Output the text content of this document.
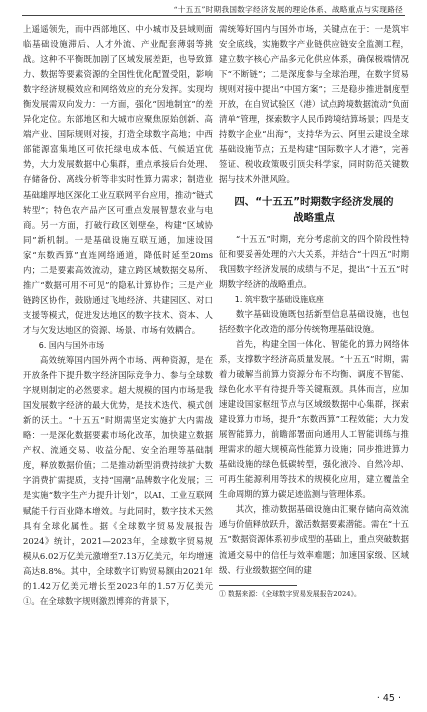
“十五五”时期我国数字经济发展的理论体系、战略重点与实现路径

上遥遥领先，而中西部地区、中小城市及县域则面临基础设施滞后、人才外流、产业配套薄弱等挑战。这种不平衡既加剧了区域发展差距，也导致算力、数据等要素资源的全国性优化配置受阻，影响数字经济规模效应和网络效应的充分发挥。实现均衡发展需双向发力：一方面，强化“因地制宜”的差异化定位。东部地区和大城市应聚焦原始创新、高端产业、国际规则对接，打造全球数字高地；中西部能源富集地区可依托绿电成本低、气候适宜优势，大力发展数据中心集群，重点承接后台处理、存储备份、离线分析等非实时性算力需求；制造业基础雄厚地区深化工业互联网平台应用，推动“链式转型”；特色农产品产区可重点发展智慧农业与电商。另一方面，打破行政区划壁垒，构建“区域协同”新机制。一是基础设施互联互通，加速设国家“东数西算”直连网络通道，降低时延至20ms内；二是要素高效流动，建立跨区域数据交易所、推广“数据可用不可见”的隐私计算协作；三是产业链跨区协作，鼓励通过飞地经济、共建园区、对口支援等模式，促进发达地区的数字技术、资本、人才与欠发达地区的资源、场景、市场有效耦合。

6. 国内与国外市场

高效统筹国内国外两个市场、两种资源，是在开放条件下提升数字经济国际竞争力、参与全球数字规则制定的必然要求。超大规模的国内市场是我国发展数字经济的最大优势，是技术迭代、模式创新的沃土。“十五五”时期需坚定实施扩大内需战略：一是深化数据要素市场化改革，加快建立数据产权、流通交易、收益分配、安全治理等基础制度，释放数据价值；二是推动新型消费持续扩大数字消费扩需提质，支持“国潮”品牌数字化发展；三是实施“数字生产力提升计划”，以AI、工业互联网赋能千行百业降本增效。与此同时，数字技术天然具有全球化属性。据《全球数字贸易发展报告2024》统计，2021—2023年，全球数字贸易规模从6.02万亿美元激增至7.13万亿美元，年均增速高达8.8%。其中，全球数字订购贸易额由2021年的1.42万亿美元增长至2023年的1.57万亿美元①。在全球数字规则激烈博弈的背景下，

需统筹好国内与国外市场，关键点在于：一是筑牢安全底线，实施数字产业链供应链安全监测工程，建立数字核心产品多元化供应体系，确保极端情况下“不断链”；二是深度参与全球治理，在数字贸易规则对接中提出“中国方案”；三是稳步推进制度型开放，在自贸试验区（港）试点跨境数据流动“负面清单”管理，探索数字人民币跨境结算场景；四是支持数字企业“出海”，支持华为云、阿里云建设全球基础设施节点；五是构建“国际数字人才港”，完善签证、税收政策吸引顶尖科学家，同时防范关键数据与技术外泄风险。

四、“十五五”时期数字经济发展的
战略重点

“十五五”时期，充分考虑前文的四个阶段性特征和要妥善处理的六大关系，并结合“十四五”时期我国数字经济发展的成绩与不足，提出“十五五”时期数字经济的战略重点。

1. 筑牢数字基础设施底座

数字基础设施既包括新型信息基础设施，也包括经数字化改造的部分传统物理基础设施。

首先，构建全国一体化、智能化的算力网络体系，支撑数字经济高质量发展。“十五五”时期，需着力破解当前算力资源分布不均衡、调度不智能、绿色化水平有待提升等关键瓶颈。具体而言，应加速建设国家枢纽节点与区域级数据中心集群，探索建设算力市场，提升“东数西算”工程效能；大力发展智能算力，前瞻部署面向通用人工智能训练与推理需求的超大规模高性能算力设施；同步推进算力基础设施的绿色低碳转型，强化液冷、自然冷却、可再生能源利用等技术的规模化应用，建立覆盖全生命周期的算力碳足迹监测与管理体系。

其次，推动数据基础设施由汇聚存储向高效流通与价值释放跃升，激活数据要素潜能。需在“十五五”数据资源体系初步成型的基础上，重点突破数据流通交易中的信任与效率难题；加速国家级、区域级、行业级数据空间的建

① 数据来源：《全球数字贸易发展报告2024》。
· 45 ·
